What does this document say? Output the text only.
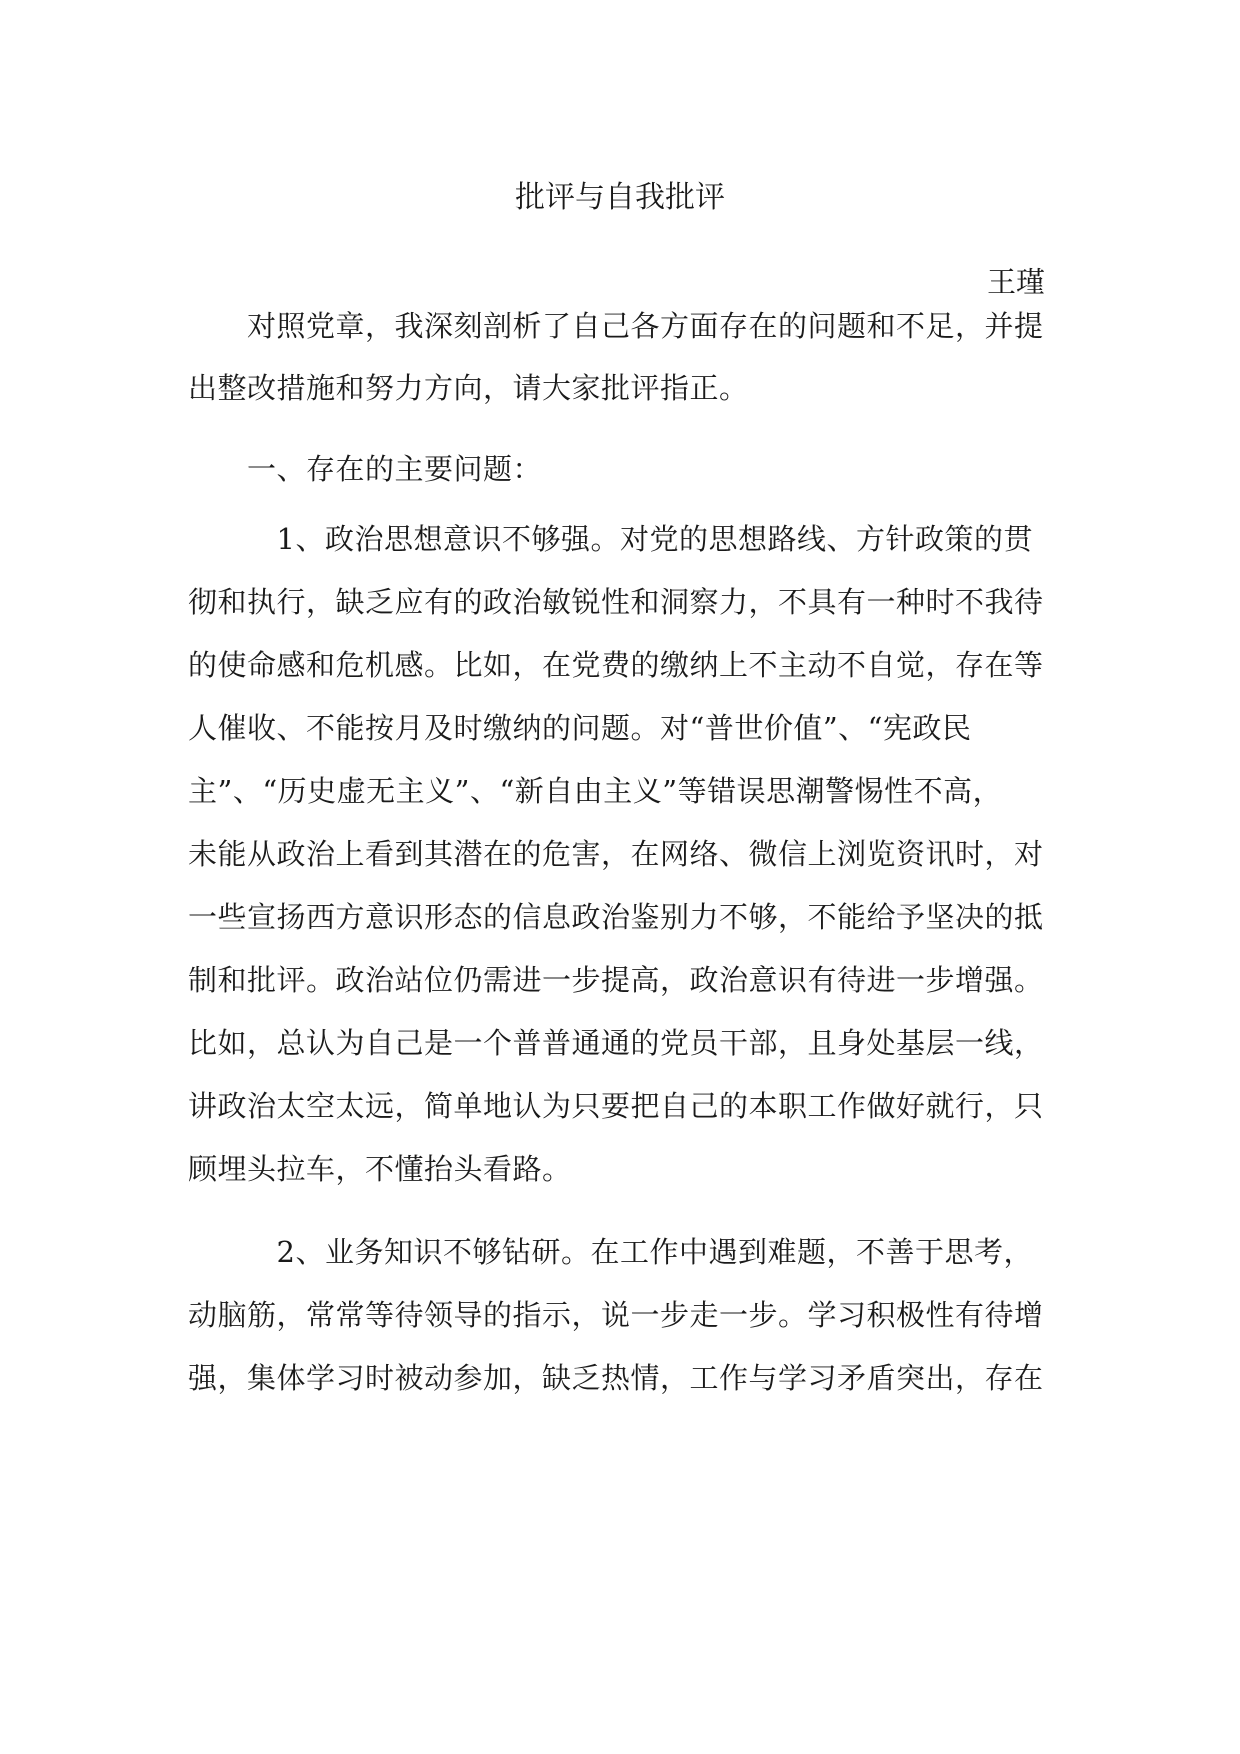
批评与自我批评
王瑾
　　对照党章，我深刻剖析了自己各方面存在的问题和不足，并提
出整改措施和努力方向，请大家批评指正。
　　一、存在的主要问题：
　　　1、政治思想意识不够强。对党的思想路线、方针政策的贯
彻和执行，缺乏应有的政治敏锐性和洞察力，不具有一种时不我待
的使命感和危机感。比如，在党费的缴纳上不主动不自觉，存在等
人催收、不能按月及时缴纳的问题。对“普世价值”、“宪政民
主”、“历史虚无主义”、“新自由主义”等错误思潮警惕性不高，
未能从政治上看到其潜在的危害，在网络、微信上浏览资讯时，对
一些宣扬西方意识形态的信息政治鉴别力不够，不能给予坚决的抵
制和批评。政治站位仍需进一步提高，政治意识有待进一步增强。
比如，总认为自己是一个普普通通的党员干部，且身处基层一线，
讲政治太空太远，简单地认为只要把自己的本职工作做好就行，只
顾埋头拉车，不懂抬头看路。
　　　2、业务知识不够钻研。在工作中遇到难题，不善于思考，
动脑筋，常常等待领导的指示，说一步走一步。学习积极性有待增
强，集体学习时被动参加，缺乏热情，工作与学习矛盾突出，存在
